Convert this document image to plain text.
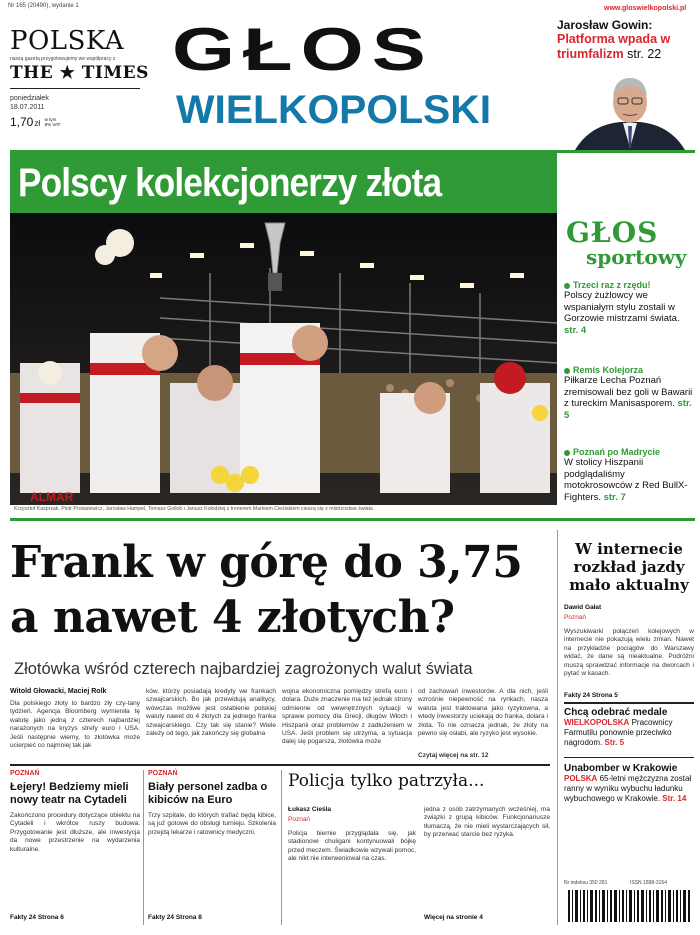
Nr 165 (20490), wydanie 1	www.gloswielkopolski.pl
POLSKA
naszą gazetą przygotowujemy we współpracy z
THE ★ TIMES
poniedziałek
18.07.2011
1,70zł w tym 8% VAT
GŁOS
WIELKOPOLSKI
Jarosław Gowin:
Platforma wpada w triumfalizm str. 22
Polscy kolekcjonerzy złota
ALMAR
Krzysztof Kasprzak, Piotr Protasiewicz, Jarosław Hampel, Tomasz Gollob i Janusz Kołodziej z trenerem Markiem Cieślakiem cieszą się z mistrzostwa świata
GŁOS
sportowy
Trzeci raz z rzędu!
Polscy żużlowcy we wspaniałym stylu zostali w Gorzowie mistrzami świata. str. 4
Remis Kolejorza
Piłkarze Lecha Poznań zremisowali bez goli w Bawarii z tureckim Manisasporem. str. 5
Poznań po Madrycie
W stolicy Hiszpanii podglądaliśmy motokrosowców z Red BullX-Fighters. str. 7
Frank w górę do 3,75
a nawet 4 złotych?
Złotówka wśród czterech najbardziej zagrożonych walut świata
Witold Głowacki, Maciej Rolk
Dla polskiego złoty to bardzo zły czy-tany tydzień. Agencja Bloomberg wymieniła tę walutę jako jedną z czterech najbardziej narażonych na kryzys strefy euro i USA. Jeśli następnie wiemy, to złotówka może ucierpieć co najmniej tak jak
ków, którzy posiadają kredyty we frankach szwajcarskich. Bo jak przewidują analitycy, wówczas możliwe jest osłabienie polskiej waluty nawet do 4 złotych za jednego franka szwajcarskiego. Czy tak się stanie? Wiele zależy od tego, jak zakończy się globalna
wojna ekonomiczna pomiędzy strefą euro i dolara. Duże znaczenie ma też jednak strony odmienne od wewnętrznych sytuacji w sprawie pomocy dla Grecji, długów Włoch i Hiszpanii oraz problemów z zadłużeniem w USA. Jeśli problem się utrzyma, a sytuacja dalej się pogarsza, złotówka może
od zachowań inwestorów. A dla nich, jeśli wzrośnie niepewność na rynkach, nasza waluta jest traktowana jako ryzykowna, a wtedy inwestorzy uciekają do franka, dolara i złota. To nie oznacza jednak, że złoty na pewno się osłabi, ale ryzyko jest wysokie.
Czytaj więcej na str. 12
W internecie rozkład jazdy mało aktualny
Dawid Gałat
Poznań
Wyszukiwarki połączeń kolejowych w internecie nie pokazują wielu zmian. Nawet na przykładzie pociągów do Warszawy widać, że dane są nieaktualne. Podróżni muszą sprawdzać informacje na dworcach i pytać w kasach.
Fakty 24 Strona 5
Chcą odebrać medale
WIELKOPOLSKA Pracownicy Farmutilu ponownie przeciwko nagrodom. Str. 5
Unabomber w Krakowie
POLSKA 65-letni mężczyzna został ranny w wyniku wybuchu ładunku wybuchowego w Krakowie. Str. 14
Nr indeksu 350 281	ISSN 1898-3154
POZNAŃ
Łejery! Bedziemy mieli nowy teatr na Cytadeli
Zakończono procedury dotyczące obiektu na Cytadeli i wkrótce ruszy budowa. Przygotowanie jest dłuższe, ale inwestycja da nowe przestrzenie na wydarzenia kulturalne.
Fakty 24 Strona 6
POZNAŃ
Biały personel zadba o kibiców na Euro
Trzy szpitale, do których trafiać będą kibice, są już gotowe do obsługi turnieju. Szkolenia przejdą lekarze i ratownicy medyczni.
Fakty 24 Strona 8
Policja tylko patrzyła...
Łukasz Cieśla
Poznań
Policja biernie przyglądała się, jak stadionowi chuligani kontynuowali bójkę przed meczem. Świadkowie wzywali pomoc, ale nikt nie interweniował na czas.
jedna z osób zatrzymanych wcześniej, ma związki z grupą kibiców. Funkcjonariusze tłumaczą, że nie mieli wystarczających sił, by przerwać starcie bez ryzyka.
Więcej na stronie 4
